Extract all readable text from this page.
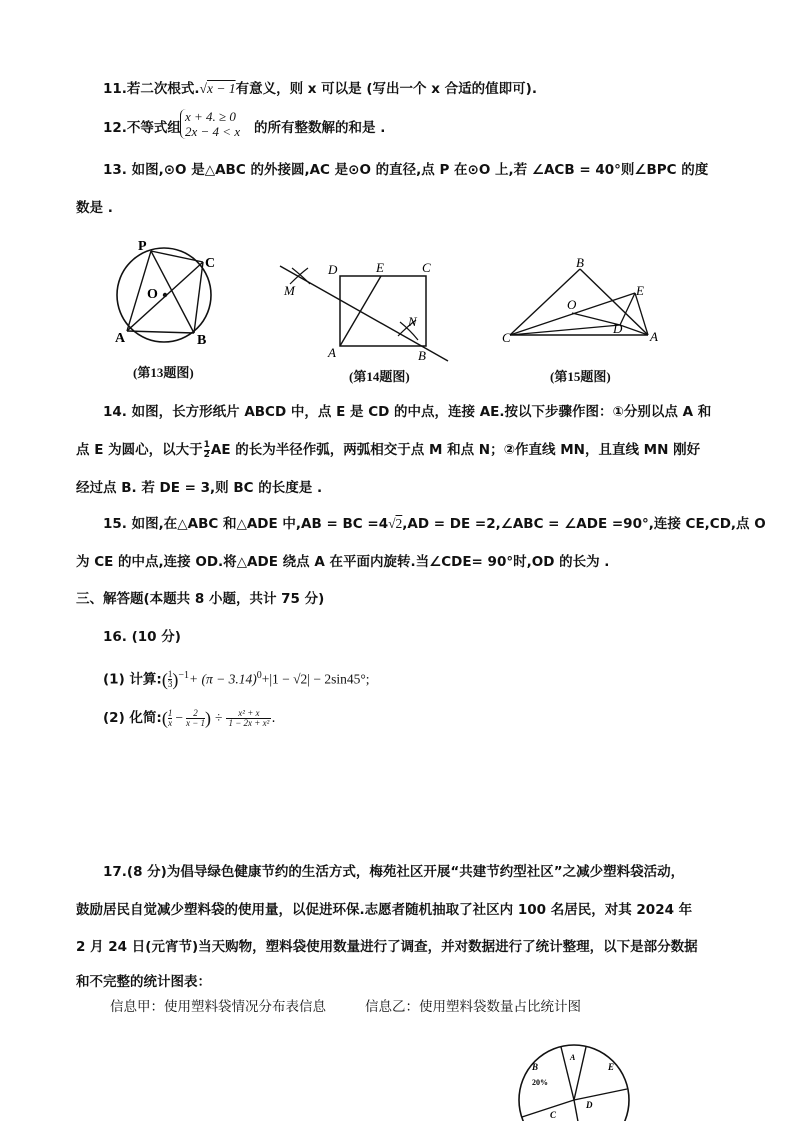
11.若二次根式.√x − 1有意义，则 x 可以是 (写出一个 x 合适的值即可).
12.不等式组
x + 4. ≥ 0
2x − 4 < x 的所有整数解的和是 .
13. 如图,⊙O 是△ABC 的外接圆,AC 是⊙O 的直径,点 P 在⊙O 上,若 ∠ACB = 40°则∠BPC 的度
数是 .
P
C
O
A	B
(第13题图)
D	E	C
M
N
A	B
(第14题图)
B
E
O
D
C	A
(第15题图)
14. 如图，长方形纸片 ABCD 中，点 E 是 CD 的中点，连接 AE.按以下步骤作图：①分别以点 A 和
点 E 为圆心，以大于 $\frac{1}{2}$ AE 的长为半径作弧，两弧相交于点 M 和点 N；②作直线 MN，且直线 MN 刚好
经过点 B. 若 DE = 3,则 BC 的长度是 .
15. 如图,在△ABC 和△ADE 中,AB = BC =4√2,AD = DE =2,∠ABC = ∠ADE =90°,连接 CE,CD,点 O
为 CE 的中点,连接 OD.将△ADE 绕点 A 在平面内旋转.当∠CDE= 90°时,OD 的长为 .
三、解答题(本题共 8 小题，共计 75 分)
16. (10 分)
(1) 计算:( $\frac{1}{3} )^{-1}+ (\pi - 3.14)^0+|1 - √2| - 2\sin 45^\circ$;
(2) 化简:( $\frac{1}{x} - \frac{2}{x - 1}$ ) ÷ $\frac{\text{x² + x}}{\text{1 − 2x + x²}}$ .
17.(8 分)为倡导绿色健康节约的生活方式，梅苑社区开展“共建节约型社区”之减少塑料袋活动，
鼓励居民自觉减少塑料袋的使用量，以促进环保.志愿者随机抽取了社区内 100 名居民，对其 2024 年
2 月 24 日(元宵节)当天购物，塑料袋使用数量进行了调查，并对数据进行了统计整理，以下是部分数据
和不完整的统计图表：
信息甲：使用塑料袋情况分布表信息	信息乙：使用塑料袋数量占比统计图
A
B
20%
C
D
E
